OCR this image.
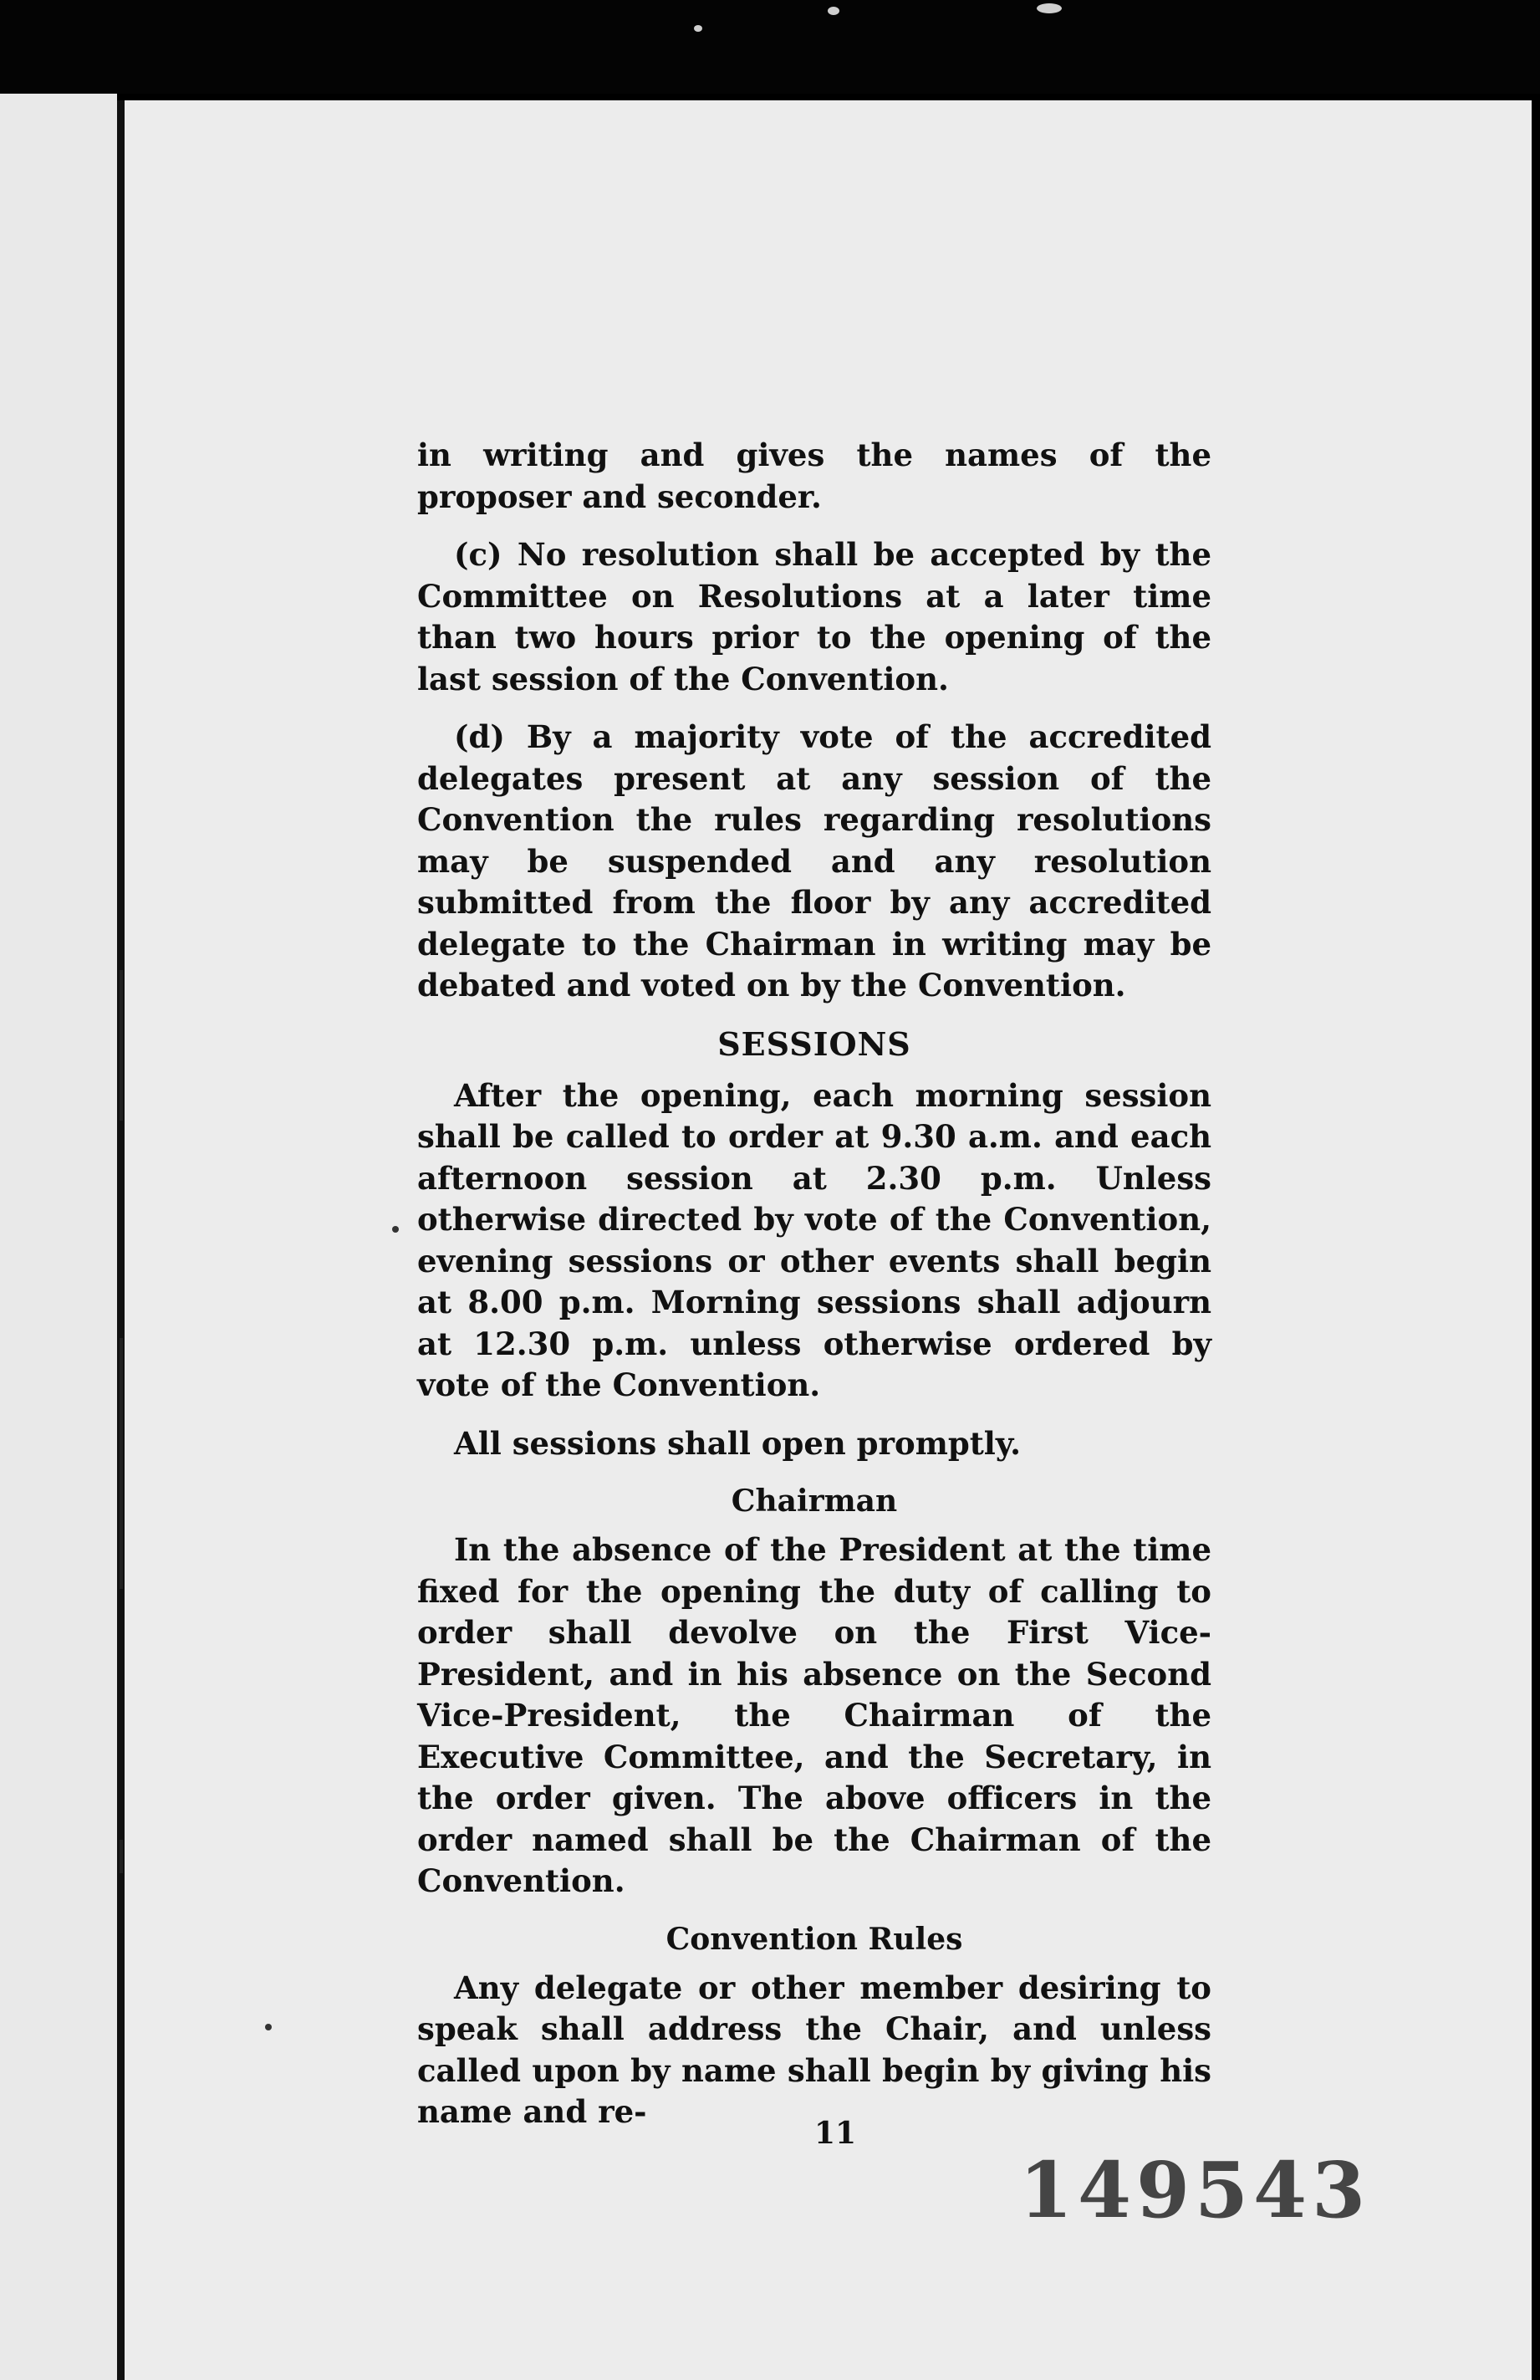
in writing and gives the names of the proposer and seconder.

(c) No resolution shall be accepted by the Committee on Resolutions at a later time than two hours prior to the opening of the last session of the Convention.

(d) By a majority vote of the accredited delegates present at any session of the Convention the rules regarding resolutions may be suspended and any resolution submitted from the floor by any accredited delegate to the Chairman in writing may be debated and voted on by the Convention.

SESSIONS

After the opening, each morning session shall be called to order at 9.30 a.m. and each afternoon session at 2.30 p.m. Unless otherwise directed by vote of the Convention, evening sessions or other events shall begin at 8.00 p.m. Morning sessions shall adjourn at 12.30 p.m. unless otherwise ordered by vote of the Convention.

All sessions shall open promptly.

Chairman

In the absence of the President at the time fixed for the opening the duty of calling to order shall devolve on the First Vice-President, and in his absence on the Second Vice-President, the Chairman of the Executive Committee, and the Secretary, in the order given. The above officers in the order named shall be the Chairman of the Convention.

Convention Rules

Any delegate or other member desiring to speak shall address the Chair, and unless called upon by name shall begin by giving his name and re-

11
149543
